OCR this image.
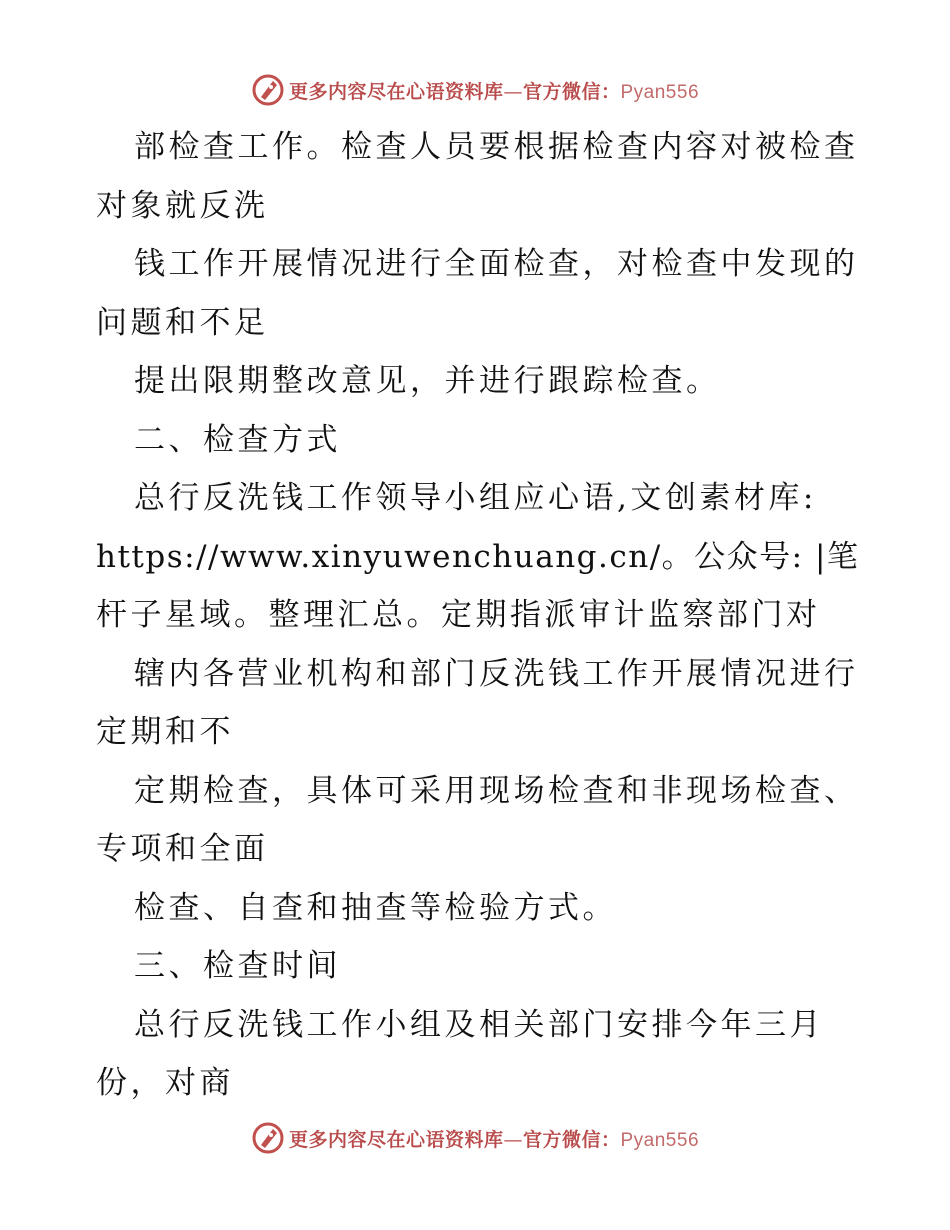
更多内容尽在心语资料库—官方微信：Pyan556

部检查工作。检查人员要根据检查内容对被检查

对象就反洗

钱工作开展情况进行全面检查，对检查中发现的

问题和不足

提出限期整改意见，并进行跟踪检查。

二、检查方式

总行反洗钱工作领导小组应心语,文创素材库:

https://www.xinyuwenchuang.cn/。公众号: |笔

杆子星域。整理汇总。定期指派审计监察部门对

辖内各营业机构和部门反洗钱工作开展情况进行

定期和不

定期检查，具体可采用现场检查和非现场检查、

专项和全面

检查、自查和抽查等检验方式。

三、检查时间

总行反洗钱工作小组及相关部门安排今年三月

份，对商

更多内容尽在心语资料库—官方微信：Pyan556
